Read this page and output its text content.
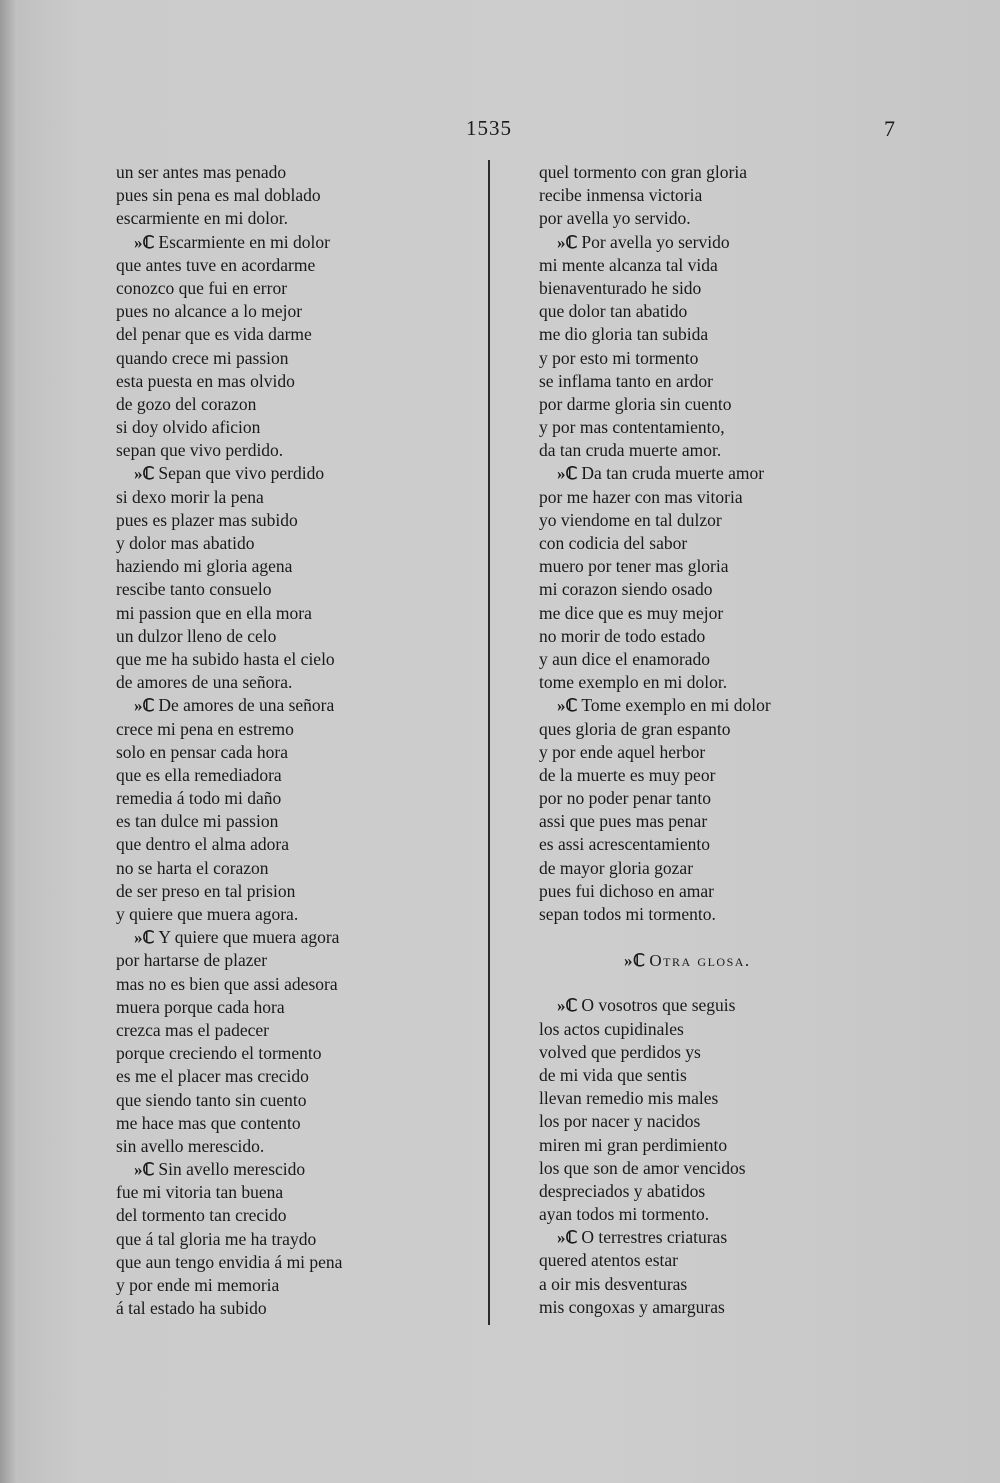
1535	7
un ser antes mas penado
pues sin pena es mal doblado
escarmiente en mi dolor.
»ℂ Escarmiente en mi dolor
que antes tuve en acordarme
conozco que fui en error
pues no alcance a lo mejor
del penar que es vida darme
quando crece mi passion
esta puesta en mas olvido
de gozo del corazon
si doy olvido aficion
sepan que vivo perdido.
»ℂ Sepan que vivo perdido
si dexo morir la pena
pues es plazer mas subido
y dolor mas abatido
haziendo mi gloria agena
rescibe tanto consuelo
mi passion que en ella mora
un dulzor lleno de celo
que me ha subido hasta el cielo
de amores de una señora.
»ℂ De amores de una señora
crece mi pena en estremo
solo en pensar cada hora
que es ella remediadora
remedia á todo mi daño
es tan dulce mi passion
que dentro el alma adora
no se harta el corazon
de ser preso en tal prision
y quiere que muera agora.
»ℂ Y quiere que muera agora
por hartarse de plazer
mas no es bien que assi adesora
muera porque cada hora
crezca mas el padecer
porque creciendo el tormento
es me el placer mas crecido
que siendo tanto sin cuento
me hace mas que contento
sin avello merescido.
»ℂ Sin avello merescido
fue mi vitoria tan buena
del tormento tan crecido
que á tal gloria me ha traydo
que aun tengo envidia á mi pena
y por ende mi memoria
á tal estado ha subido
quel tormento con gran gloria
recibe inmensa victoria
por avella yo servido.
»ℂ Por avella yo servido
mi mente alcanza tal vida
bienaventurado he sido
que dolor tan abatido
me dio gloria tan subida
y por esto mi tormento
se inflama tanto en ardor
por darme gloria sin cuento
y por mas contentamiento,
da tan cruda muerte amor.
»ℂ Da tan cruda muerte amor
por me hazer con mas vitoria
yo viendome en tal dulzor
con codicia del sabor
muero por tener mas gloria
mi corazon siendo osado
me dice que es muy mejor
no morir de todo estado
y aun dice el enamorado
tome exemplo en mi dolor.
»ℂ Tome exemplo en mi dolor
ques gloria de gran espanto
y por ende aquel herbor
de la muerte es muy peor
por no poder penar tanto
assi que pues mas penar
es assi acrescentamiento
de mayor gloria gozar
pues fui dichoso en amar
sepan todos mi tormento.
»ℂ Otra glosa.
»ℂ O vosotros que seguis
los actos cupidinales
volved que perdidos ys
de mi vida que sentis
llevan remedio mis males
los por nacer y nacidos
miren mi gran perdimiento
los que son de amor vencidos
despreciados y abatidos
ayan todos mi tormento.
»ℂ O terrestres criaturas
quered atentos estar
a oir mis desventuras
mis congoxas y amarguras
